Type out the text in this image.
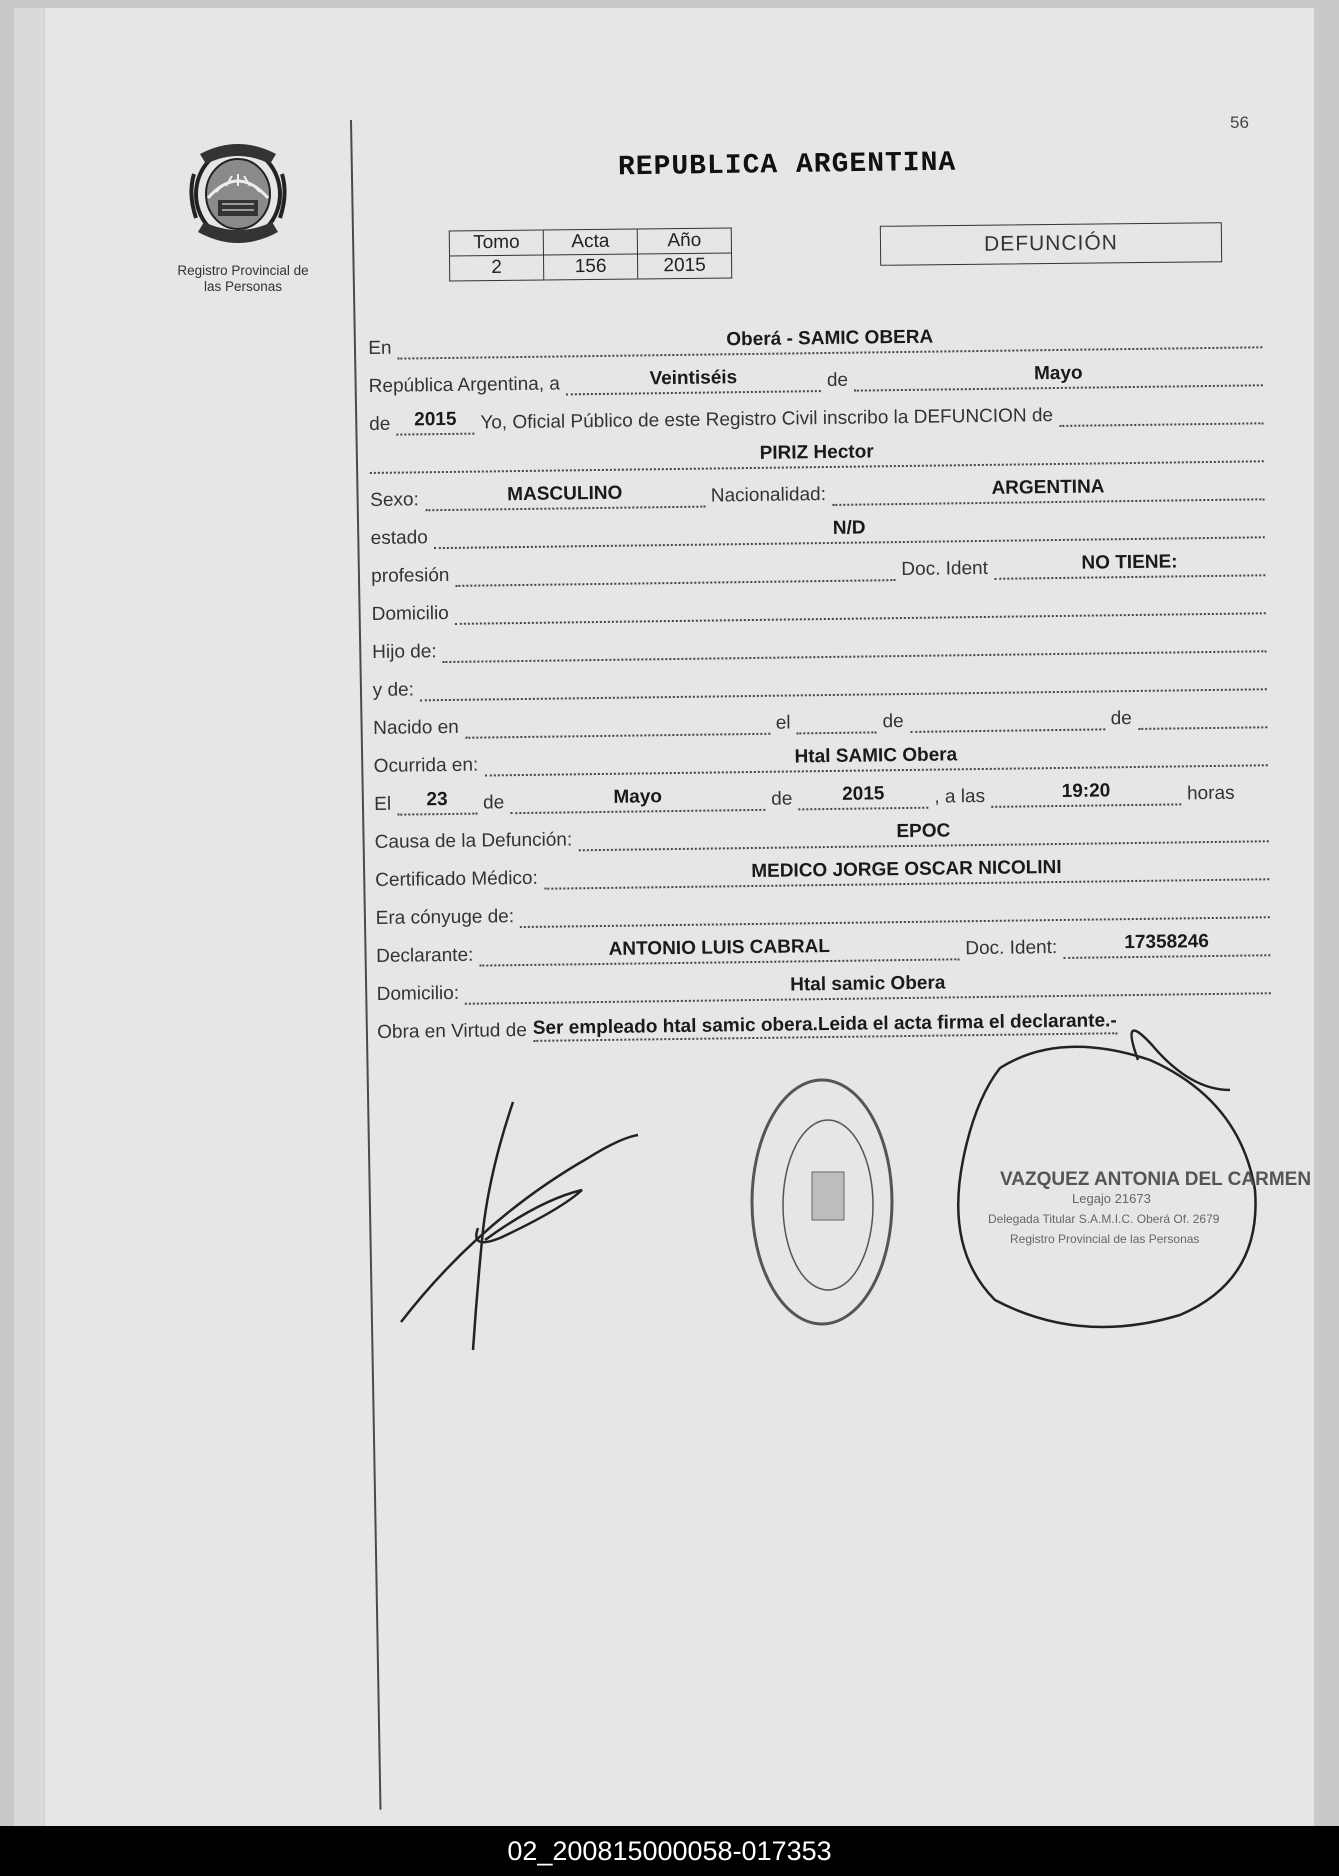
56
Registro Provincial de
las Personas
REPUBLICA ARGENTINA
Tomo	Acta	Año
2	156	2015
DEFUNCIÓN
En	Oberá - SAMIC OBERA
República Argentina, a	Veintiséis	de	Mayo
de	2015	Yo, Oficial Público de este Registro Civil inscribo la DEFUNCION de
PIRIZ Hector
Sexo:	MASCULINO	Nacionalidad:	ARGENTINA
estado	N/D
profesión	Doc. Ident	NO TIENE:
Domicilio
Hijo de:
y de:
Nacido en	el	de	de
Ocurrida en:	Htal SAMIC Obera
El	23	de	Mayo	de	2015	, a las	19:20	horas
Causa de la Defunción:	EPOC
Certificado Médico:	MEDICO JORGE OSCAR NICOLINI
Era cónyuge de:
Declarante:	ANTONIO LUIS CABRAL	Doc. Ident:	17358246
Domicilio:	Htal samic Obera
Obra en Virtud de Ser empleado htal samic obera.Leida el acta firma el declarante.-
VAZQUEZ ANTONIA DEL CARMEN
Legajo 21673
Delegada Titular S.A.M.I.C. Oberá Of. 2679
Registro Provincial de las Personas
02_200815000058-017353
